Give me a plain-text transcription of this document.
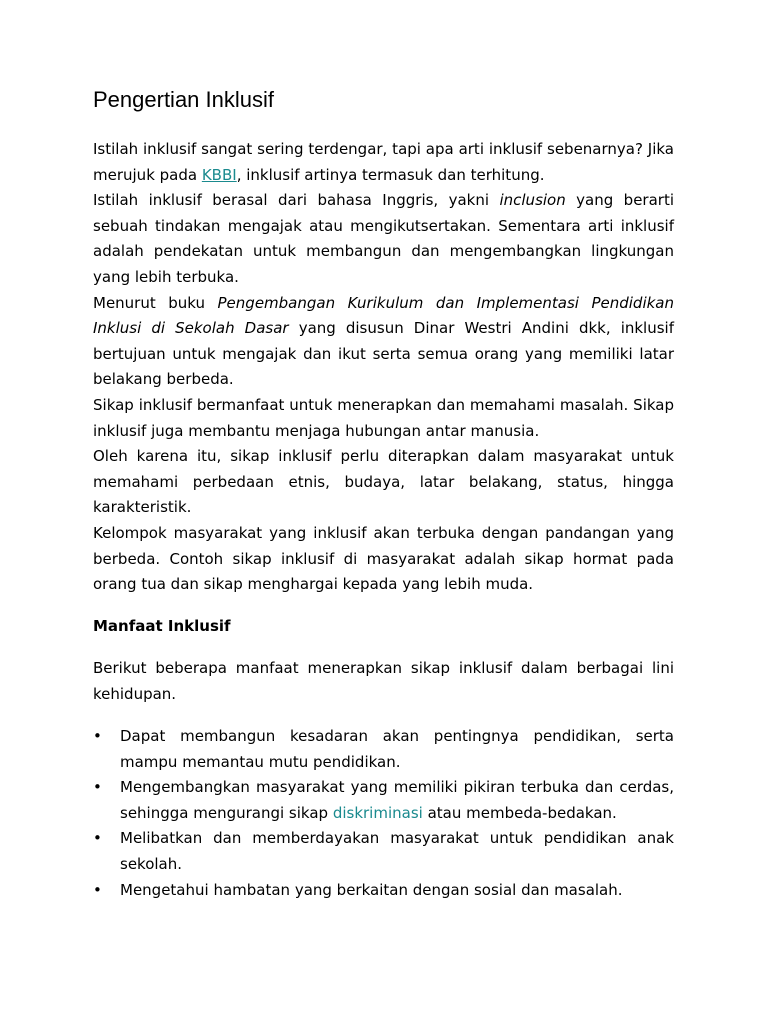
Pengertian Inklusif

Istilah inklusif sangat sering terdengar, tapi apa arti inklusif sebenarnya? Jika merujuk pada KBBI, inklusif artinya termasuk dan terhitung.

Istilah inklusif berasal dari bahasa Inggris, yakni inclusion yang berarti sebuah tindakan mengajak atau mengikutsertakan. Sementara arti inklusif adalah pendekatan untuk membangun dan mengembangkan lingkungan yang lebih terbuka.

Menurut buku Pengembangan Kurikulum dan Implementasi Pendidikan Inklusi di Sekolah Dasar yang disusun Dinar Westri Andini dkk, inklusif bertujuan untuk mengajak dan ikut serta semua orang yang memiliki latar belakang berbeda.

Sikap inklusif bermanfaat untuk menerapkan dan memahami masalah. Sikap inklusif juga membantu menjaga hubungan antar manusia.

Oleh karena itu, sikap inklusif perlu diterapkan dalam masyarakat untuk memahami perbedaan etnis, budaya, latar belakang, status, hingga karakteristik.

Kelompok masyarakat yang inklusif akan terbuka dengan pandangan yang berbeda. Contoh sikap inklusif di masyarakat adalah sikap hormat pada orang tua dan sikap menghargai kepada yang lebih muda.

Manfaat Inklusif

Berikut beberapa manfaat menerapkan sikap inklusif dalam berbagai lini kehidupan.

• Dapat membangun kesadaran akan pentingnya pendidikan, serta mampu memantau mutu pendidikan.
• Mengembangkan masyarakat yang memiliki pikiran terbuka dan cerdas, sehingga mengurangi sikap diskriminasi atau membeda-bedakan.
• Melibatkan dan memberdayakan masyarakat untuk pendidikan anak sekolah.
• Mengetahui hambatan yang berkaitan dengan sosial dan masalah.
